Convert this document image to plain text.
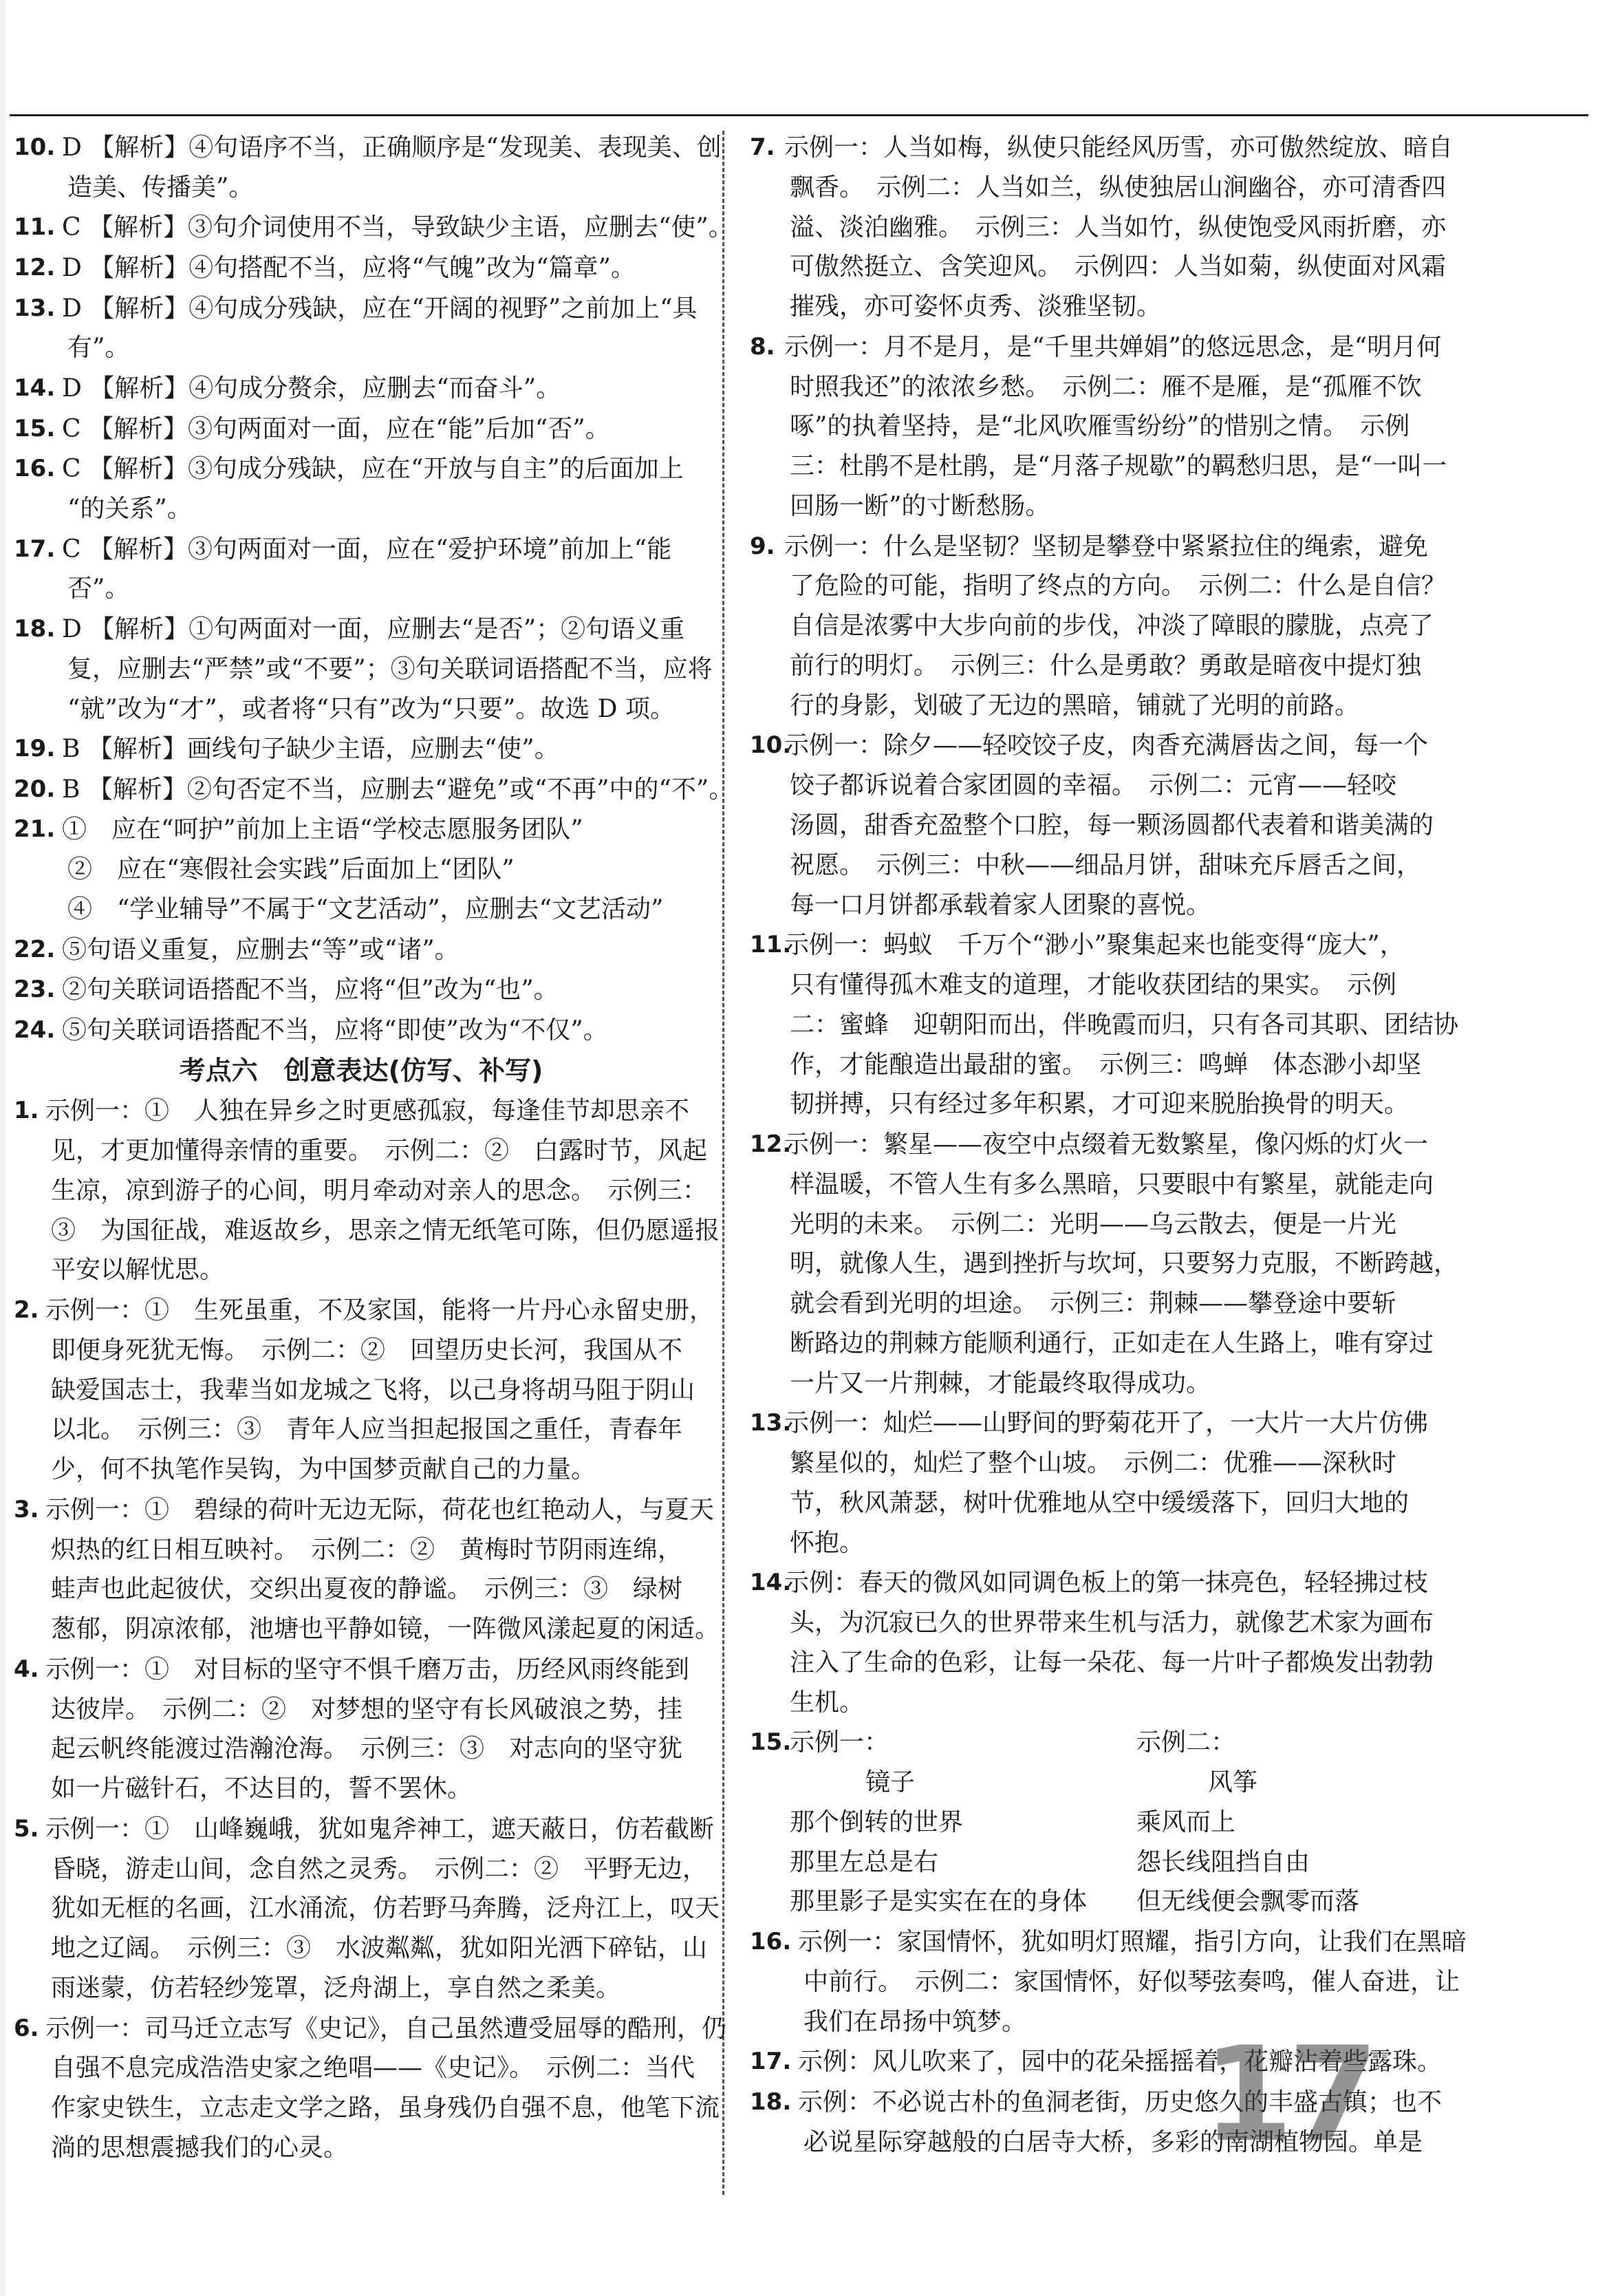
10. D 【解析】④句语序不当，正确顺序是“发现美、表现美、创
造美、传播美”。
11. C 【解析】③句介词使用不当，导致缺少主语，应删去“使”。
12. D 【解析】④句搭配不当，应将“气魄”改为“篇章”。
13. D 【解析】④句成分残缺，应在“开阔的视野”之前加上“具
有”。
14. D 【解析】④句成分赘余，应删去“而奋斗”。
15. C 【解析】③句两面对一面，应在“能”后加“否”。
16. C 【解析】③句成分残缺，应在“开放与自主”的后面加上
“的关系”。
17. C 【解析】③句两面对一面，应在“爱护环境”前加上“能
否”。
18. D 【解析】①句两面对一面，应删去“是否”；②句语义重
复，应删去“严禁”或“不要”；③句关联词语搭配不当，应将
“就”改为“才”，或者将“只有”改为“只要”。故选 D 项。
19. B 【解析】画线句子缺少主语，应删去“使”。
20. B 【解析】②句否定不当，应删去“避免”或“不再”中的“不”。
21. ①　应在“呵护”前加上主语“学校志愿服务团队”
②　应在“寒假社会实践”后面加上“团队”
④　“学业辅导”不属于“文艺活动”，应删去“文艺活动”
22. ⑤句语义重复，应删去“等”或“诸”。
23. ②句关联词语搭配不当，应将“但”改为“也”。
24. ⑤句关联词语搭配不当，应将“即使”改为“不仅”。
考点六　创意表达(仿写、补写)
1. 示例一：①　人独在异乡之时更感孤寂，每逢佳节却思亲不
见，才更加懂得亲情的重要。　示例二：②　白露时节，风起
生凉，凉到游子的心间，明月牵动对亲人的思念。　示例三：
③　为国征战，难返故乡，思亲之情无纸笔可陈，但仍愿遥报
平安以解忧思。
2. 示例一：①　生死虽重，不及家国，能将一片丹心永留史册，
即便身死犹无悔。　示例二：②　回望历史长河，我国从不
缺爱国志士，我辈当如龙城之飞将，以己身将胡马阻于阴山
以北。　示例三：③　青年人应当担起报国之重任，青春年
少，何不执笔作吴钩，为中国梦贡献自己的力量。
3. 示例一：①　碧绿的荷叶无边无际，荷花也红艳动人，与夏天
炽热的红日相互映衬。　示例二：②　黄梅时节阴雨连绵，
蛙声也此起彼伏，交织出夏夜的静谧。　示例三：③　绿树
葱郁，阴凉浓郁，池塘也平静如镜，一阵微风漾起夏的闲适。
4. 示例一：①　对目标的坚守不惧千磨万击，历经风雨终能到
达彼岸。　示例二：②　对梦想的坚守有长风破浪之势，挂
起云帆终能渡过浩瀚沧海。　示例三：③　对志向的坚守犹
如一片磁针石，不达目的，誓不罢休。
5. 示例一：①　山峰巍峨，犹如鬼斧神工，遮天蔽日，仿若截断
昏晓，游走山间，念自然之灵秀。　示例二：②　平野无边，
犹如无框的名画，江水涌流，仿若野马奔腾，泛舟江上，叹天
地之辽阔。　示例三：③　水波粼粼，犹如阳光洒下碎钻，山
雨迷蒙，仿若轻纱笼罩，泛舟湖上，享自然之柔美。
6. 示例一：司马迁立志写《史记》，自己虽然遭受屈辱的酷刑，仍
自强不息完成浩浩史家之绝唱——《史记》。　示例二：当代
作家史铁生，立志走文学之路，虽身残仍自强不息，他笔下流
淌的思想震撼我们的心灵。
7. 示例一：人当如梅，纵使只能经风历雪，亦可傲然绽放、暗自
飘香。　示例二：人当如兰，纵使独居山涧幽谷，亦可清香四
溢、淡泊幽雅。　示例三：人当如竹，纵使饱受风雨折磨，亦
可傲然挺立、含笑迎风。　示例四：人当如菊，纵使面对风霜
摧残，亦可姿怀贞秀、淡雅坚韧。
8. 示例一：月不是月，是“千里共婵娟”的悠远思念，是“明月何
时照我还”的浓浓乡愁。　示例二：雁不是雁，是“孤雁不饮
啄”的执着坚持，是“北风吹雁雪纷纷”的惜别之情。　示例
三：杜鹃不是杜鹃，是“月落子规歇”的羁愁归思，是“一叫一
回肠一断”的寸断愁肠。
9. 示例一：什么是坚韧？坚韧是攀登中紧紧拉住的绳索，避免
了危险的可能，指明了终点的方向。　示例二：什么是自信？
自信是浓雾中大步向前的步伐，冲淡了障眼的朦胧，点亮了
前行的明灯。　示例三：什么是勇敢？勇敢是暗夜中提灯独
行的身影，划破了无边的黑暗，铺就了光明的前路。
10.
示例一：除夕——轻咬饺子皮，肉香充满唇齿之间，每一个
饺子都诉说着合家团圆的幸福。　示例二：元宵——轻咬
汤圆，甜香充盈整个口腔，每一颗汤圆都代表着和谐美满的
祝愿。　示例三：中秋——细品月饼，甜味充斥唇舌之间，
每一口月饼都承载着家人团聚的喜悦。
11.
示例一：蚂蚁　千万个“渺小”聚集起来也能变得“庞大”，
只有懂得孤木难支的道理，才能收获团结的果实。　示例
二：蜜蜂　迎朝阳而出，伴晚霞而归，只有各司其职、团结协
作，才能酿造出最甜的蜜。　示例三：鸣蝉　体态渺小却坚
韧拼搏，只有经过多年积累，才可迎来脱胎换骨的明天。
12.
示例一：繁星——夜空中点缀着无数繁星，像闪烁的灯火一
样温暖，不管人生有多么黑暗，只要眼中有繁星，就能走向
光明的未来。　示例二：光明——乌云散去，便是一片光
明，就像人生，遇到挫折与坎坷，只要努力克服，不断跨越，
就会看到光明的坦途。　示例三：荆棘——攀登途中要斩
断路边的荆棘方能顺利通行，正如走在人生路上，唯有穿过
一片又一片荆棘，才能最终取得成功。
13.
示例一：灿烂——山野间的野菊花开了，一大片一大片仿佛
繁星似的，灿烂了整个山坡。　示例二：优雅——深秋时
节，秋风萧瑟，树叶优雅地从空中缓缓落下，回归大地的
怀抱。
14.
示例：春天的微风如同调色板上的第一抹亮色，轻轻拂过枝
头，为沉寂已久的世界带来生机与活力，就像艺术家为画布
注入了生命的色彩，让每一朵花、每一片叶子都焕发出勃勃
生机。
15.
示例一：	示例二：
镜子	风筝
那个倒转的世界	乘风而上
那里左总是右	怨长线阻挡自由
那里影子是实实在在的身体	但无线便会飘零而落
16. 示例一：家国情怀，犹如明灯照耀，指引方向，让我们在黑暗
中前行。　示例二：家国情怀，好似琴弦奏鸣，催人奋进，让
我们在昂扬中筑梦。
17. 示例：风儿吹来了，园中的花朵摇摇着，花瓣沾着些露珠。
18. 示例：不必说古朴的鱼洞老街，历史悠久的丰盛古镇；也不
必说星际穿越般的白居寺大桥，多彩的南湖植物园。单是
17
